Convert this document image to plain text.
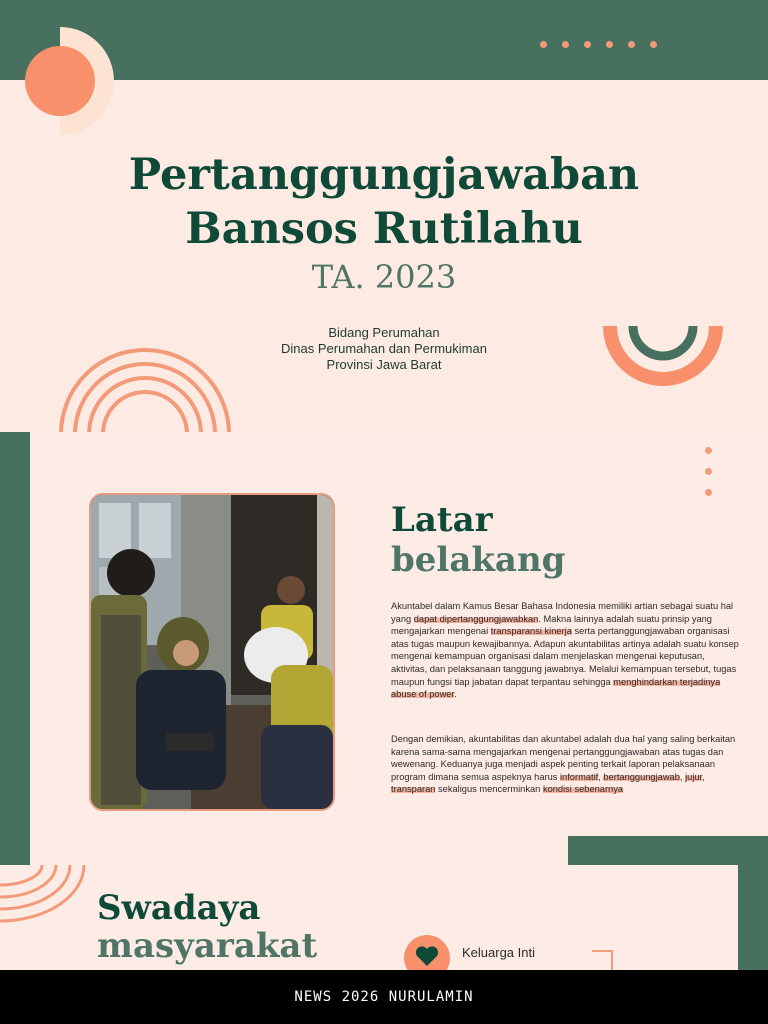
Pertanggungjawaban
Bansos Rutilahu
TA. 2023
Bidang Perumahan
Dinas Perumahan dan Permukiman
Provinsi Jawa Barat
Latar
belakang
Akuntabel dalam Kamus Besar Bahasa Indonesia memiliki artian sebagai suatu hal yang dapat dipertanggungjawabkan. Makna lainnya adalah suatu prinsip yang mengajarkan mengenai transparansi kinerja serta pertanggungjawaban organisasi atas tugas maupun kewajibannya. Adapun akuntabilitas artinya adalah suatu konsep mengenai kemampuan organisasi dalam menjelaskan mengenai keputusan, aktivitas, dan pelaksanaan tanggung jawabnya. Melalui kemampuan tersebut, tugas maupun fungsi tiap jabatan dapat terpantau sehingga menghindarkan terjadinya abuse of power.
Dengan demikian, akuntabilitas dan akuntabel adalah dua hal yang saling berkaitan karena sama-sama mengajarkan mengenai pertanggungjawaban atas tugas dan wewenang. Keduanya juga menjadi aspek penting terkait laporan pelaksanaan program dimana semua aspeknya harus informatif, bertanggungjawab, jujur, transparan sekaligus mencerminkan kondisi sebenarnya
Swadaya
masyarakat	Keluarga Inti
NEWS 2026 NURULAMIN
